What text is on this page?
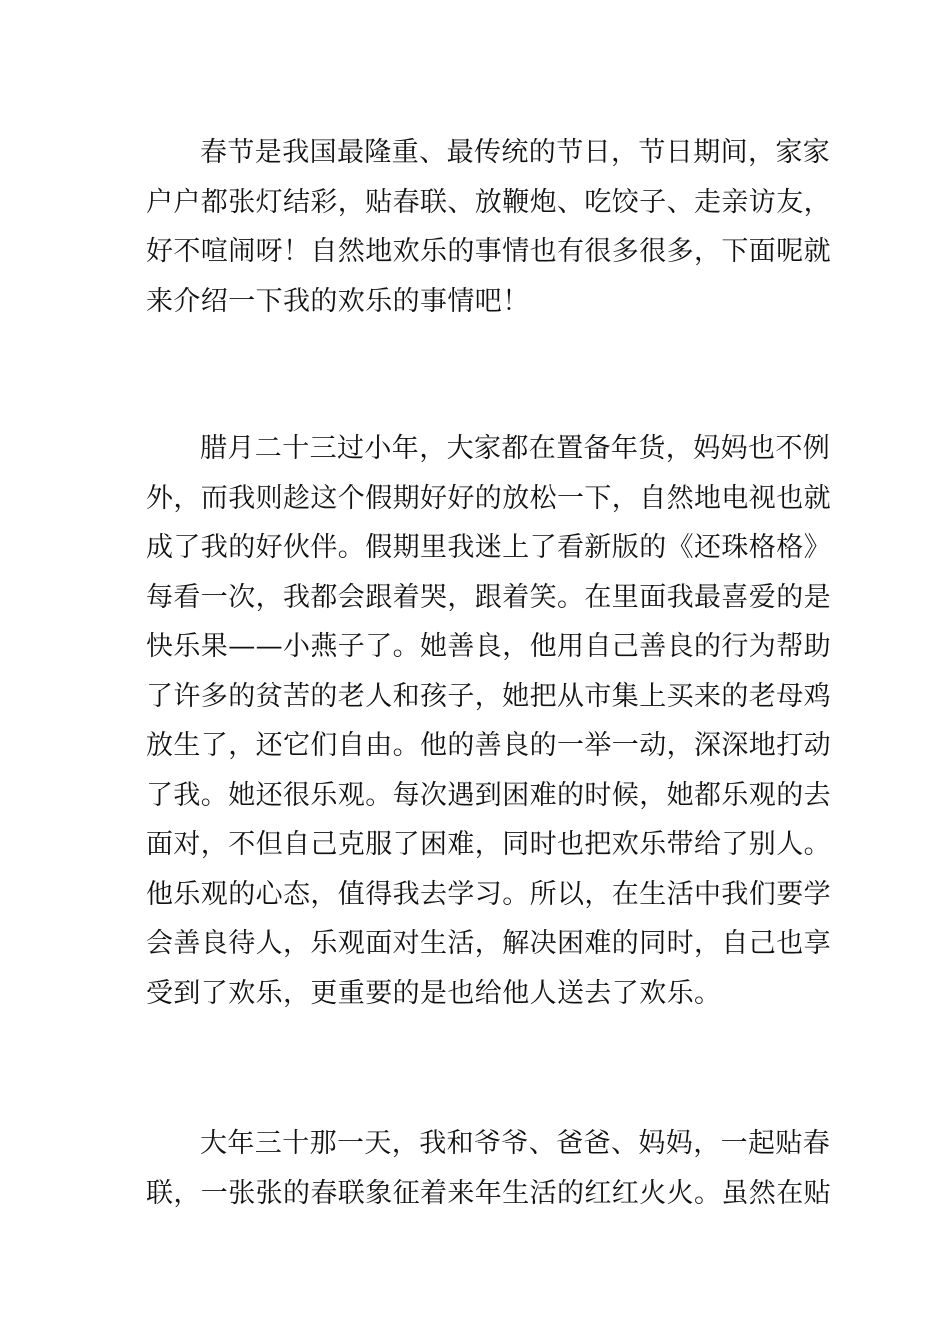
春节是我国最隆重、最传统的节日，节日期间，家家
户户都张灯结彩，贴春联、放鞭炮、吃饺子、走亲访友，
好不喧闹呀！自然地欢乐的事情也有很多很多，下面呢就
来介绍一下我的欢乐的事情吧！
腊月二十三过小年，大家都在置备年货，妈妈也不例
外，而我则趁这个假期好好的放松一下，自然地电视也就
成了我的好伙伴。假期里我迷上了看新版的《还珠格格》
每看一次，我都会跟着哭，跟着笑。在里面我最喜爱的是
快乐果——小燕子了。她善良，他用自己善良的行为帮助
了许多的贫苦的老人和孩子，她把从市集上买来的老母鸡
放生了，还它们自由。他的善良的一举一动，深深地打动
了我。她还很乐观。每次遇到困难的时候，她都乐观的去
面对，不但自己克服了困难，同时也把欢乐带给了别人。
他乐观的心态，值得我去学习。所以，在生活中我们要学
会善良待人，乐观面对生活，解决困难的同时，自己也享
受到了欢乐，更重要的是也给他人送去了欢乐。
大年三十那一天，我和爷爷、爸爸、妈妈，一起贴春
联，一张张的春联象征着来年生活的红红火火。虽然在贴
